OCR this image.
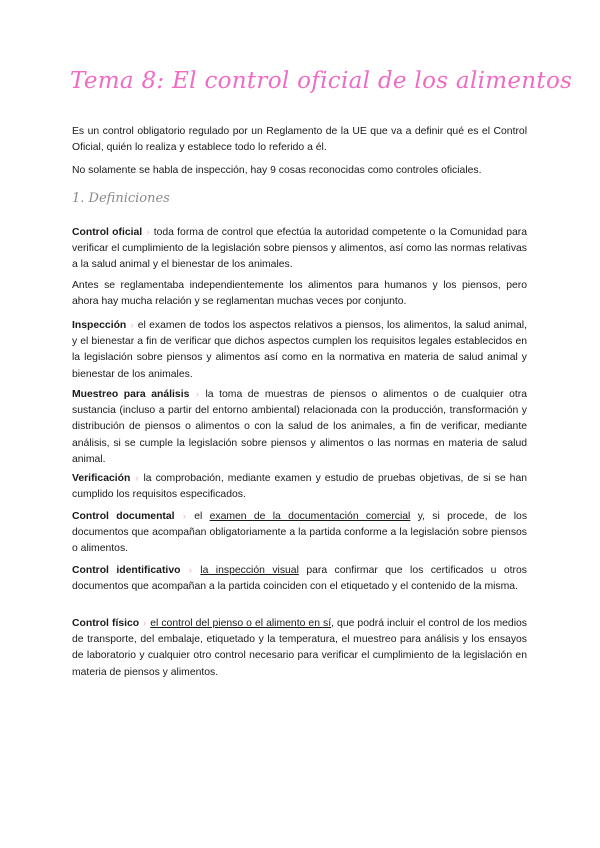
Tema 8: El control oficial de los alimentos

Es un control obligatorio regulado por un Reglamento de la UE que va a definir qué es el Control Oficial, quién lo realiza y establece todo lo referido a él.

No solamente se habla de inspección, hay 9 cosas reconocidas como controles oficiales.

1. Definiciones

Control oficial › toda forma de control que efectúa la autoridad competente o la Comunidad para verificar el cumplimiento de la legislación sobre piensos y alimentos, así como las normas relativas a la salud animal y el bienestar de los animales.

Antes se reglamentaba independientemente los alimentos para humanos y los piensos, pero ahora hay mucha relación y se reglamentan muchas veces por conjunto.

Inspección › el examen de todos los aspectos relativos a piensos, los alimentos, la salud animal, y el bienestar a fin de verificar que dichos aspectos cumplen los requisitos legales establecidos en la legislación sobre piensos y alimentos así como en la normativa en materia de salud animal y bienestar de los animales.

Muestreo para análisis › la toma de muestras de piensos o alimentos o de cualquier otra sustancia (incluso a partir del entorno ambiental) relacionada con la producción, transformación y distribución de piensos o alimentos o con la salud de los animales, a fin de verificar, mediante análisis, si se cumple la legislación sobre piensos y alimentos o las normas en materia de salud animal.

Verificación › la comprobación, mediante examen y estudio de pruebas objetivas, de si se han cumplido los requisitos especificados.

Control documental › el examen de la documentación comercial y, si procede, de los documentos que acompañan obligatoriamente a la partida conforme a la legislación sobre piensos o alimentos.

Control identificativo › la inspección visual para confirmar que los certificados u otros documentos que acompañan a la partida coinciden con el etiquetado y el contenido de la misma.

Control físico › el control del pienso o el alimento en sí, que podrá incluir el control de los medios de transporte, del embalaje, etiquetado y la temperatura, el muestreo para análisis y los ensayos de laboratorio y cualquier otro control necesario para verificar el cumplimiento de la legislación en materia de piensos y alimentos.
